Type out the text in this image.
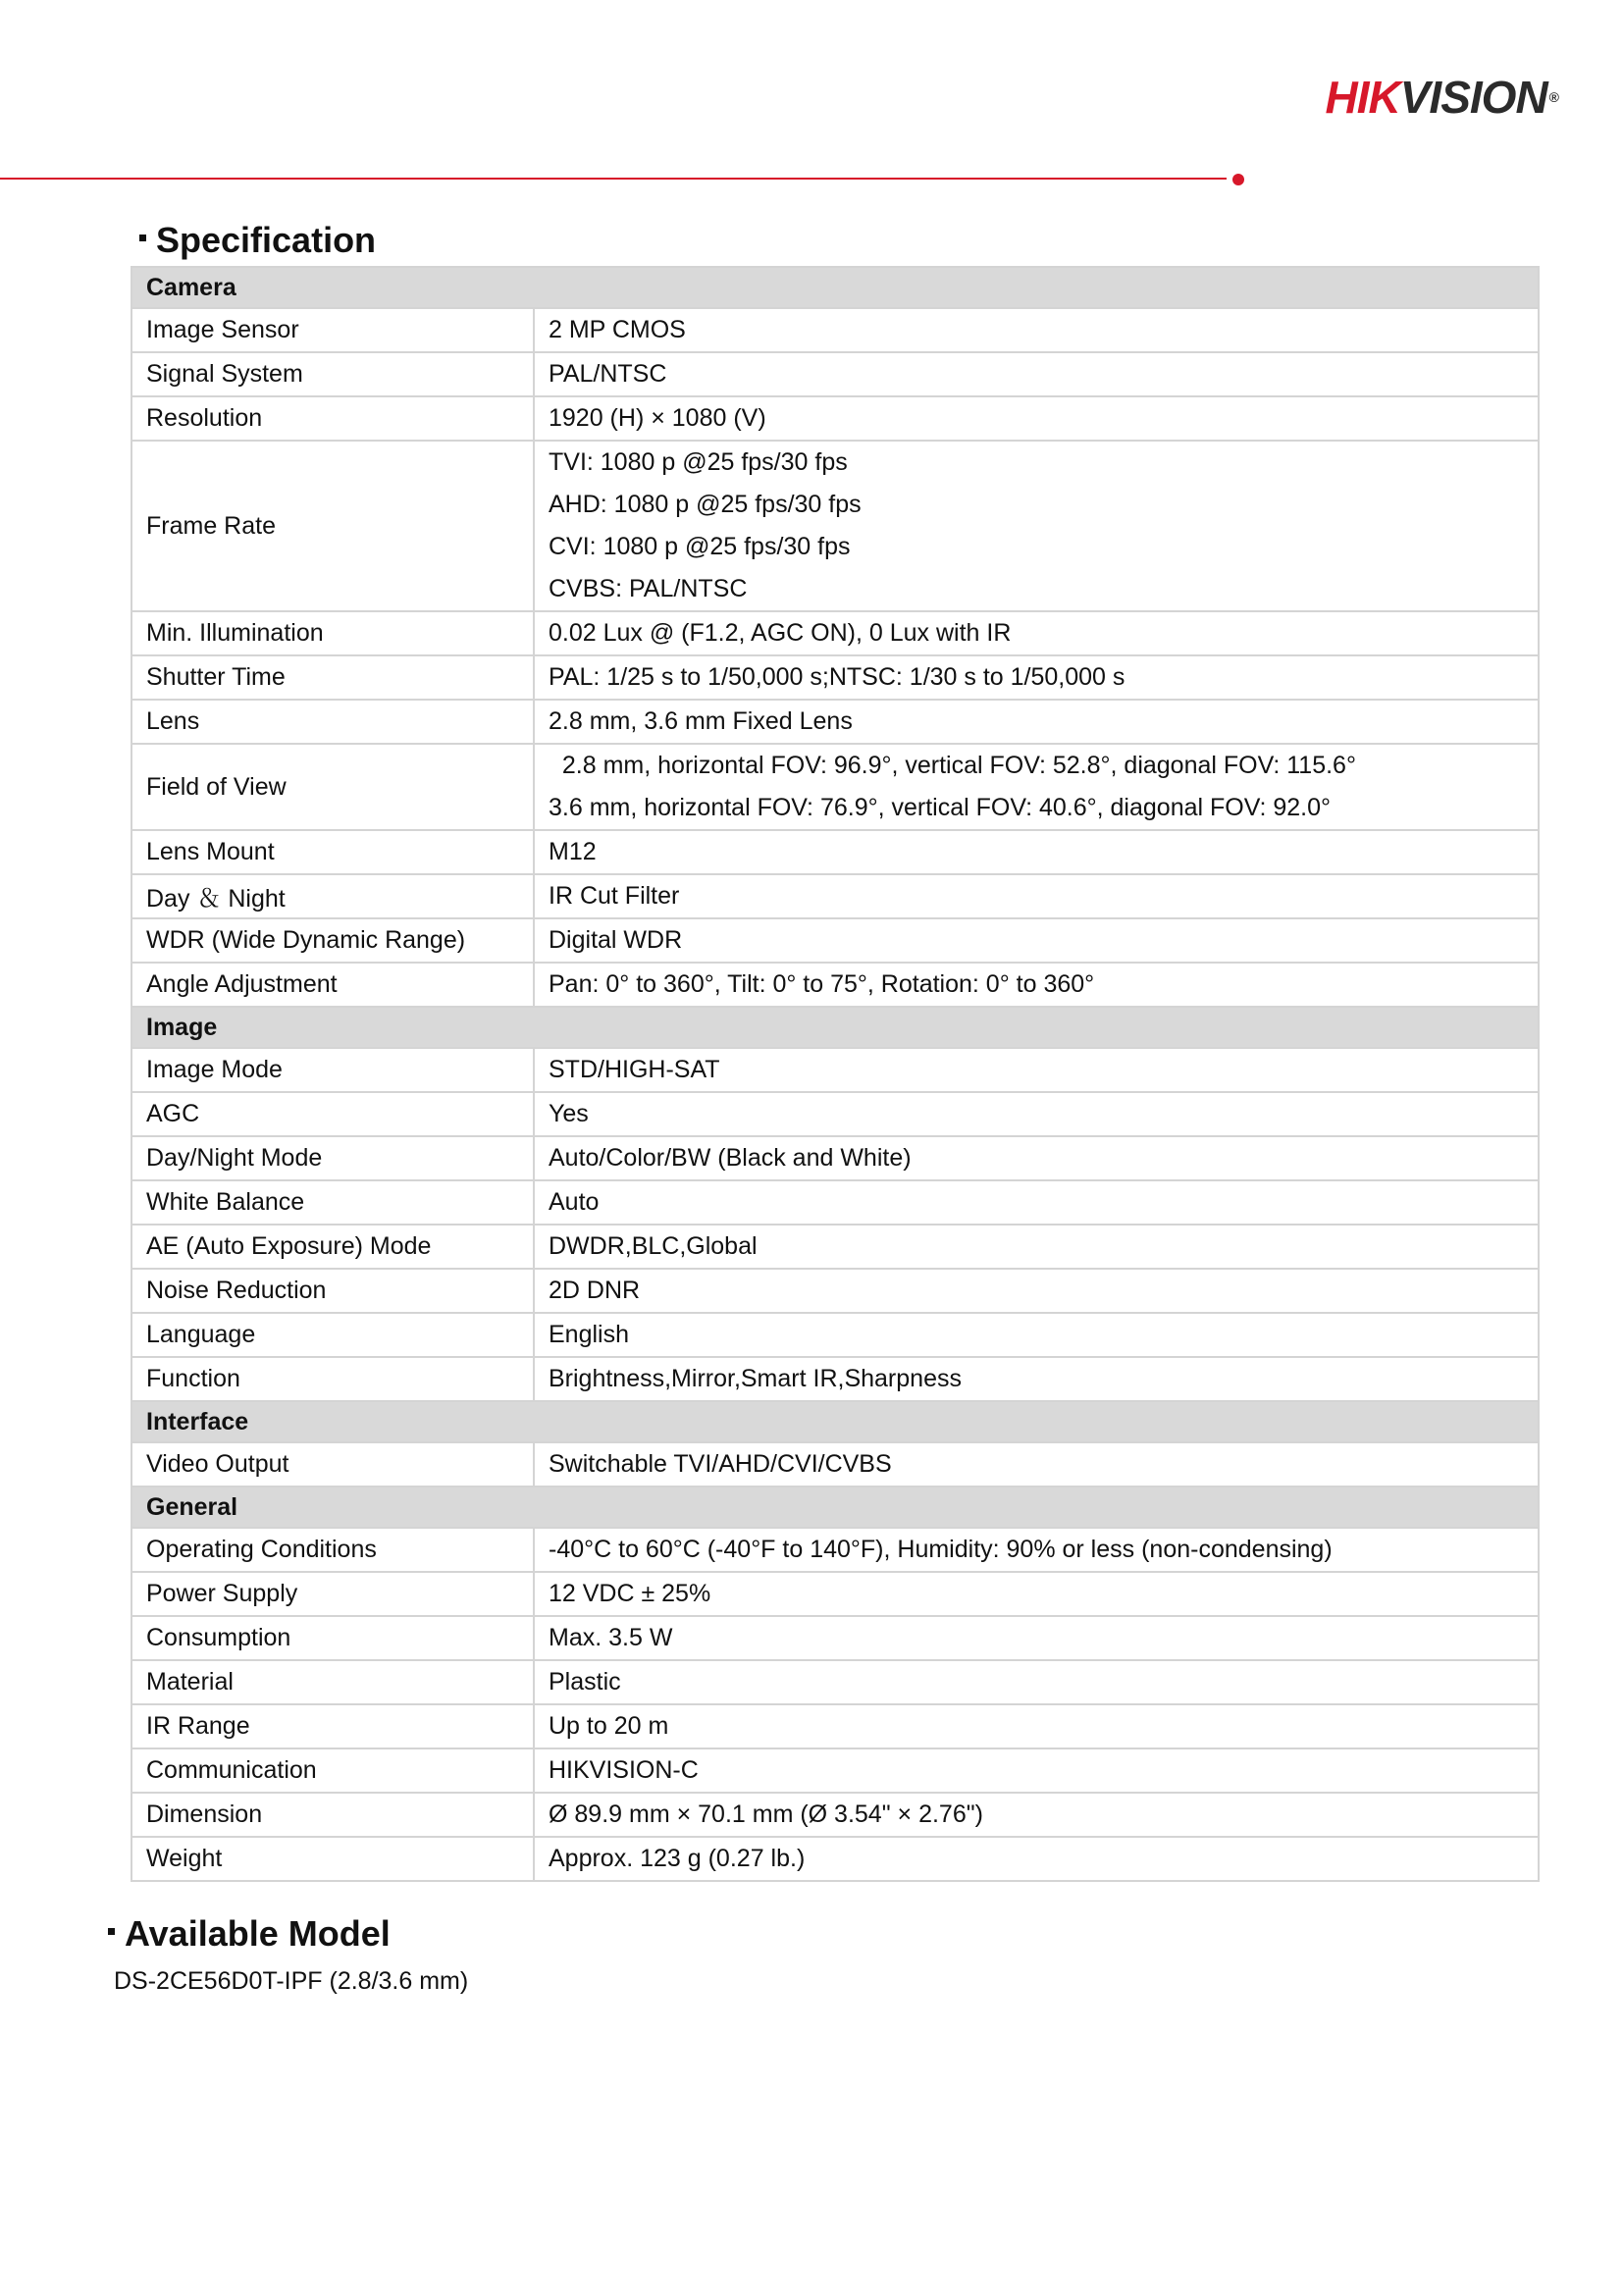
HIKVISION ®
Specification
Camera	
Image Sensor	2 MP CMOS

Signal System	PAL/NTSC

Resolution	1920 (H) × 1080 (V)

Frame Rate	TVI: 1080 p @25 fps/30 fps
AHD: 1080 p @25 fps/30 fps
CVI: 1080 p @25 fps/30 fps
CVBS: PAL/NTSC

Min. Illumination	0.02 Lux @ (F1.2, AGC ON), 0 Lux with IR

Shutter Time	PAL: 1/25 s to 1/50,000 s;NTSC: 1/30 s to 1/50,000 s

Lens	2.8 mm, 3.6 mm Fixed Lens

Field of View	2.8 mm, horizontal FOV: 96.9°, vertical FOV: 52.8°, diagonal FOV: 115.6°
3.6 mm, horizontal FOV: 76.9°, vertical FOV: 40.6°, diagonal FOV: 92.0°

Lens Mount	M12

Day ＆ Night	IR Cut Filter

WDR (Wide Dynamic Range)	Digital WDR

Angle Adjustment	Pan: 0° to 360°, Tilt: 0° to 75°, Rotation: 0° to 360°

Image	
Image Mode	STD/HIGH-SAT

AGC	Yes

Day/Night Mode	Auto/Color/BW (Black and White)

White Balance	Auto

AE (Auto Exposure) Mode	DWDR,BLC,Global

Noise Reduction	2D DNR

Language	English

Function	Brightness,Mirror,Smart IR,Sharpness

Interface	
Video Output	Switchable TVI/AHD/CVI/CVBS

General	
Operating Conditions	-40°C to 60°C (-40°F to 140°F), Humidity: 90% or less (non-condensing)

Power Supply	12 VDC ± 25%

Consumption	Max. 3.5 W

Material	Plastic

IR Range	Up to 20 m

Communication	HIKVISION-C

Dimension	Ø 89.9 mm × 70.1 mm (Ø 3.54" × 2.76")

Weight	Approx. 123 g (0.27 lb.)
Available Model
DS-2CE56D0T-IPF (2.8/3.6 mm)
